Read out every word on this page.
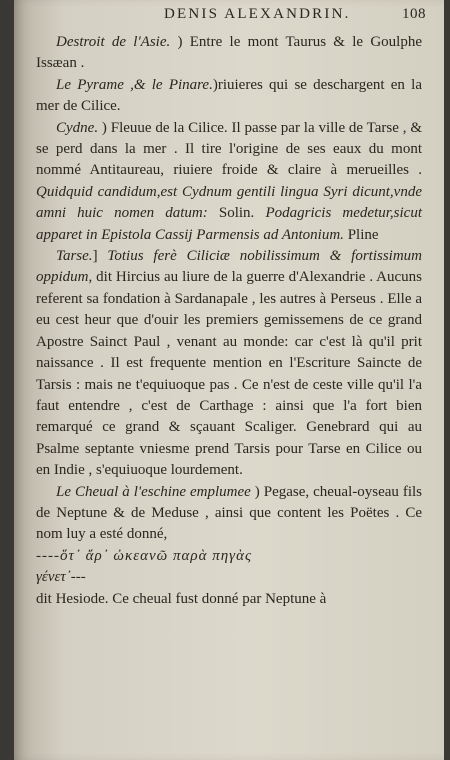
DENIS ALEXANDRIN.	108

Destroit de l'Asie. ) Entre le mont Taurus & le Goulphe Issæan .

Le Pyrame ,& le Pinare.)riuieres qui se deschargent en la mer de Cilice.

Cydne. ) Fleuue de la Cilice. Il passe par la ville de Tarse , & se perd dans la mer . Il tire l'origine de ses eaux du mont nommé Antitaureau, riuiere froide & claire à merueilles . Quidquid candidum,est Cydnum gentili lingua Syri dicunt,vnde amni huic nomen datum: Solin. Podagricis medetur,sicut apparet in Epistola Cassij Parmensis ad Antonium. Pline

Tarse.] Totius ferè Ciliciæ nobilissimum & fortissimum oppidum, dit Hircius au liure de la guerre d'Alexandrie . Aucuns referent sa fondation à Sardanapale , les autres à Perseus . Elle a eu cest heur que d'ouir les premiers gemissemens de ce grand Apostre Sainct Paul , venant au monde: car c'est là qu'il prit naissance . Il est frequente mention en l'Escriture Saincte de Tarsis : mais ne t'equiuoque pas . Ce n'est de ceste ville qu'il l'a faut entendre , c'est de Carthage : ainsi que l'a fort bien remarqué ce grand & sçauant Scaliger. Genebrard qui au Psalme septante vniesme prend Tarsis pour Tarse en Cilice ou en Indie , s'equiuoque lourdement.

Le Cheual à l'eschine emplumee ) Pegase, cheual-oyseau fils de Neptune & de Meduse , ainsi que content les Poëtes . Ce nom luy a esté donné,

----ὅτ᾽ ἄρ᾽ ὠκεανῶ παρὰ πηγὰς

γένετ᾽---

dit Hesiode. Ce cheual fust donné par Neptune à
